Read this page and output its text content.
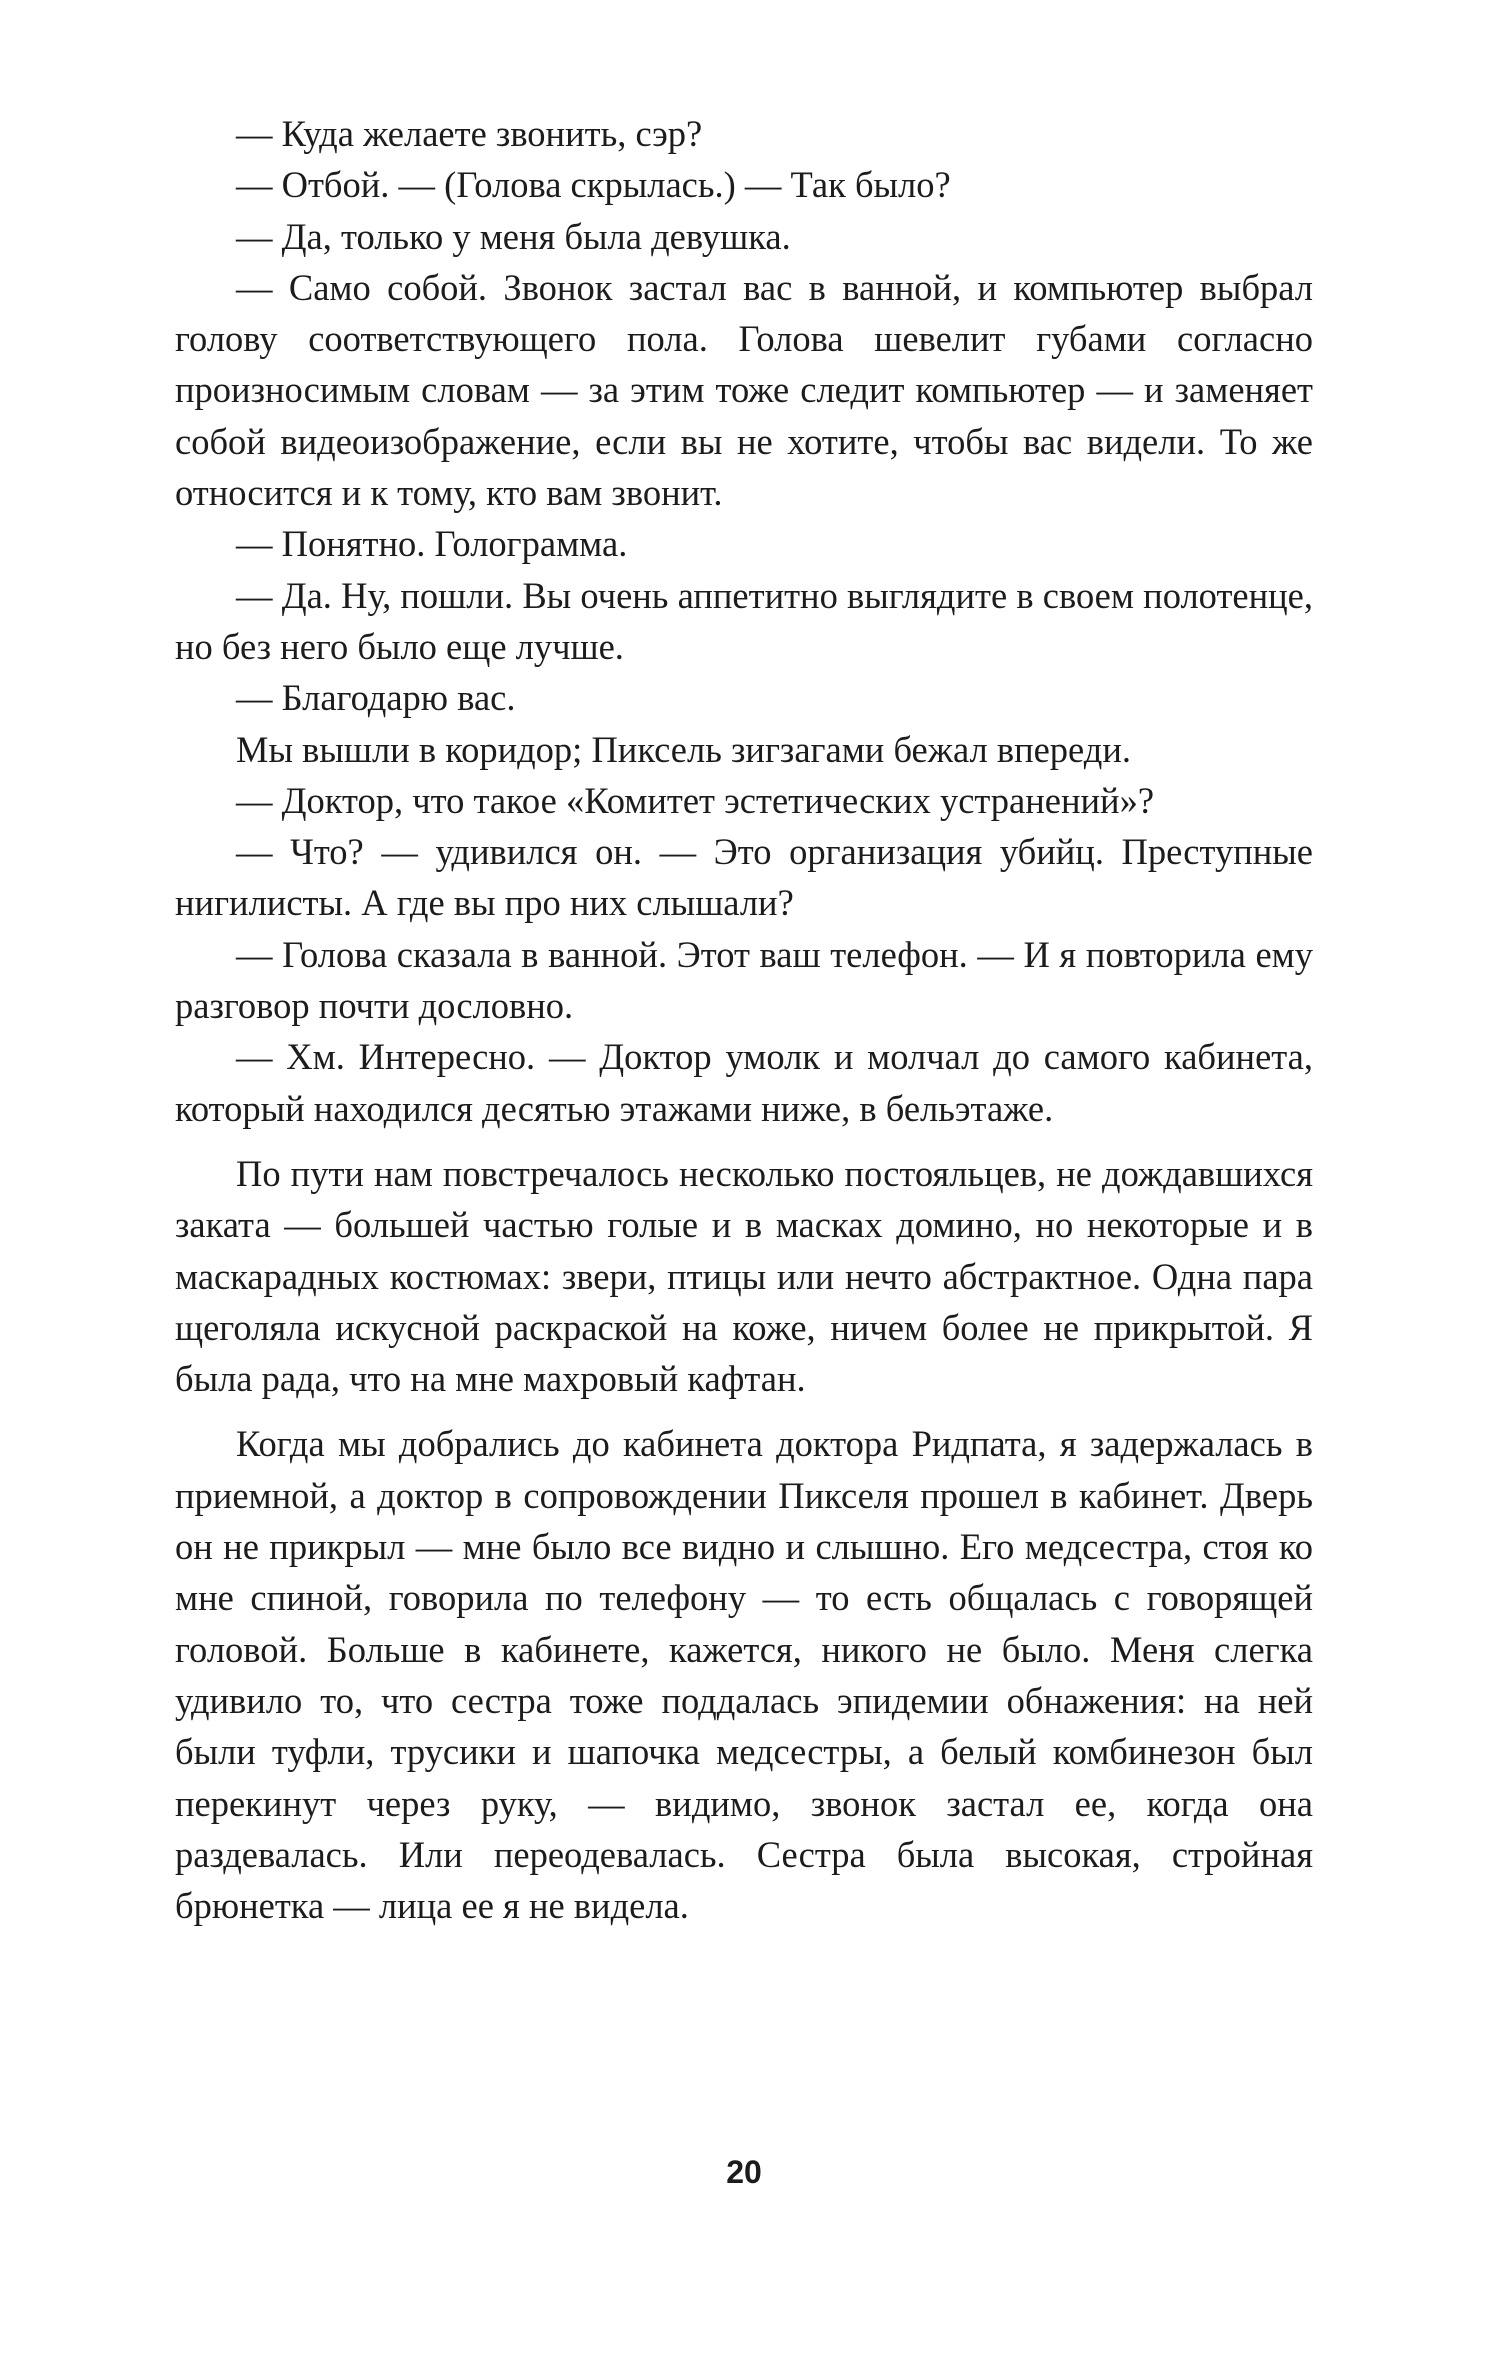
— Куда желаете звонить, сэр?

— Отбой. — (Голова скрылась.) — Так было?

— Да, только у меня была девушка.

— Само собой. Звонок застал вас в ванной, и компьютер выбрал голову соответствующего пола. Голова шевелит губами согласно произносимым словам — за этим тоже следит компьютер — и заменяет собой видеоизображение, если вы не хотите, чтобы вас видели. То же относится и к тому, кто вам звонит.

— Понятно. Голограмма.

— Да. Ну, пошли. Вы очень аппетитно выглядите в своем полотенце, но без него было еще лучше.

— Благодарю вас.

Мы вышли в коридор; Пиксель зигзагами бежал впереди.

— Доктор, что такое «Комитет эстетических устранений»?

— Что? — удивился он. — Это организация убийц. Преступные нигилисты. А где вы про них слышали?

— Голова сказала в ванной. Этот ваш телефон. — И я повторила ему разговор почти дословно.

— Хм. Интересно. — Доктор умолк и молчал до самого кабинета, который находился десятью этажами ниже, в бельэтаже.

По пути нам повстречалось несколько постояльцев, не дождавшихся заката — большей частью голые и в масках домино, но некоторые и в маскарадных костюмах: звери, птицы или нечто абстрактное. Одна пара щеголяла искусной раскраской на коже, ничем более не прикрытой. Я была рада, что на мне махровый кафтан.

Когда мы добрались до кабинета доктора Ридпата, я задержалась в приемной, а доктор в сопровождении Пикселя прошел в кабинет. Дверь он не прикрыл — мне было все видно и слышно. Его медсестра, стоя ко мне спиной, говорила по телефону — то есть общалась с говорящей головой. Больше в кабинете, кажется, никого не было. Меня слегка удивило то, что сестра тоже поддалась эпидемии обнажения: на ней были туфли, трусики и шапочка медсестры, а белый комбинезон был перекинут через руку, — видимо, звонок застал ее, когда она раздевалась. Или переодевалась. Сестра была высокая, стройная брюнетка — лица ее я не видела.

20
